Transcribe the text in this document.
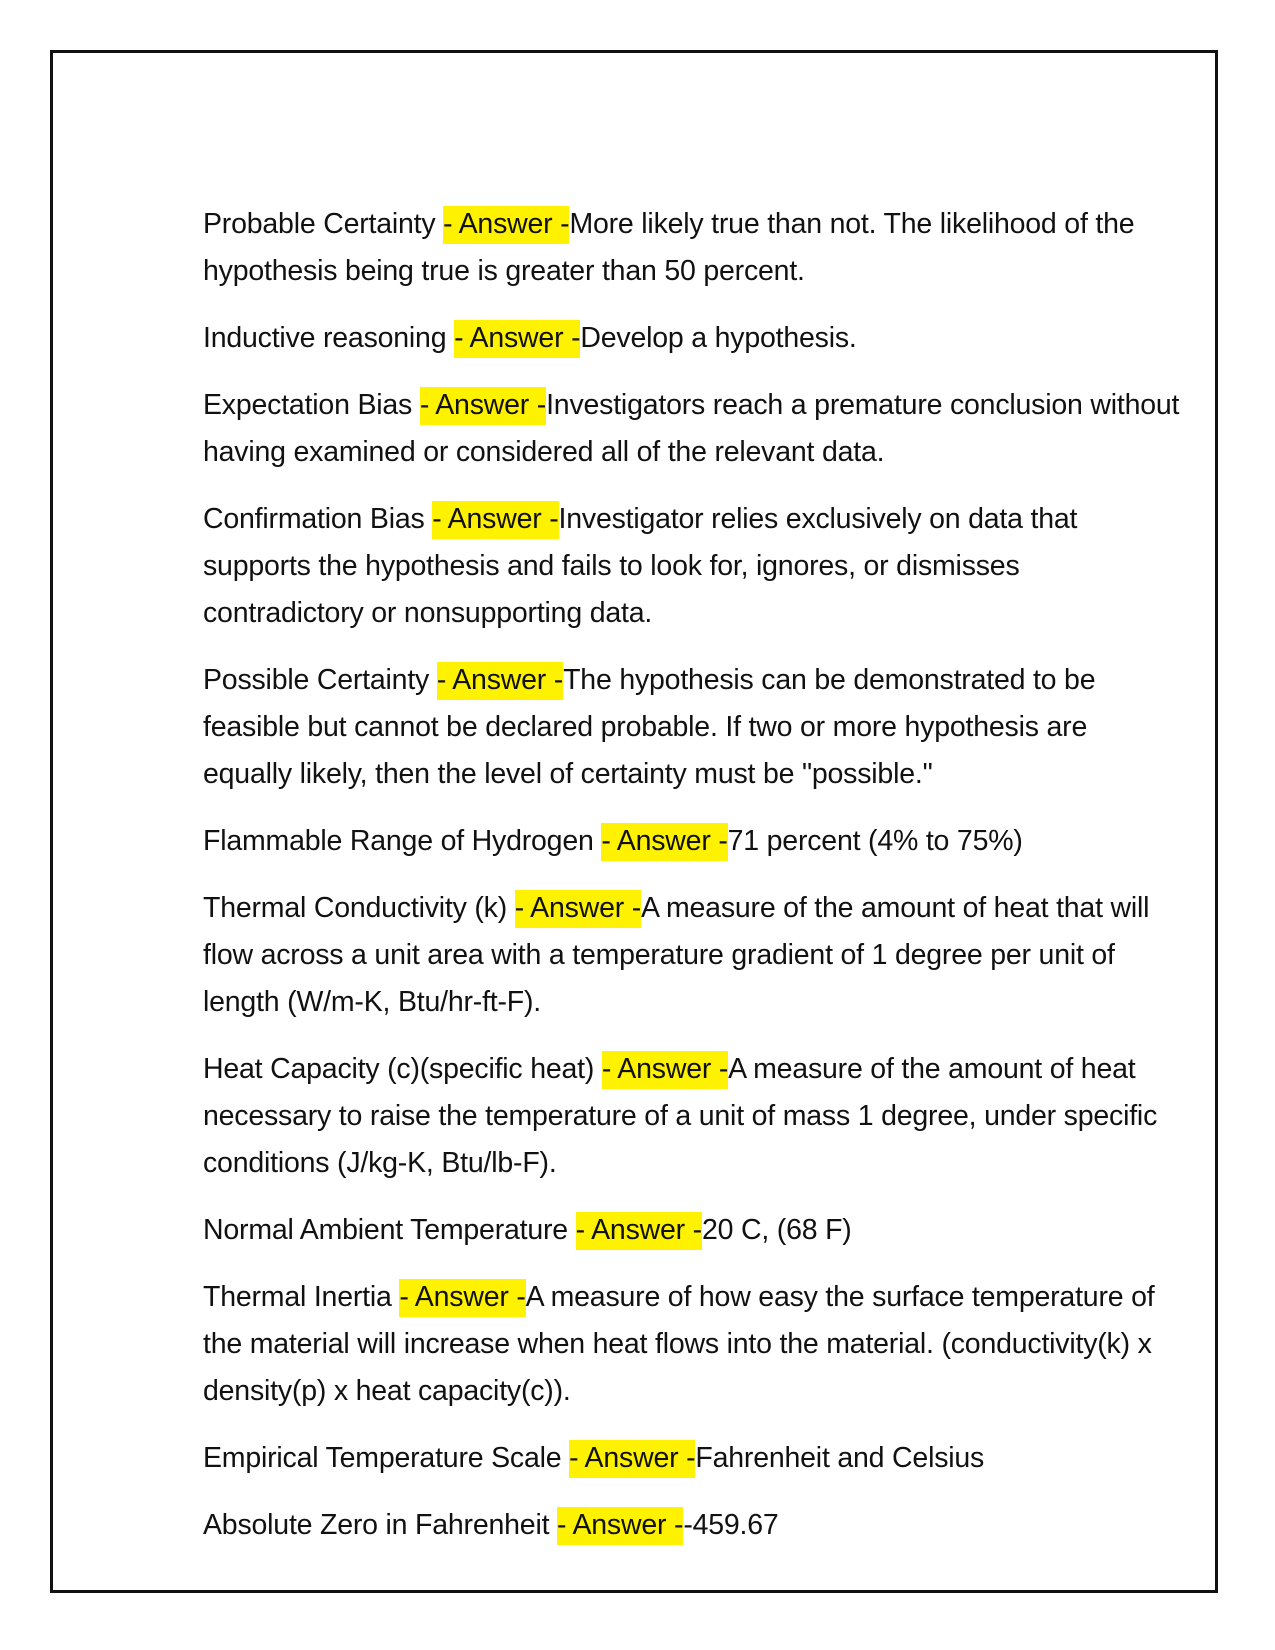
Probable Certainty - Answer -More likely true than not. The likelihood of the hypothesis being true is greater than 50 percent.

Inductive reasoning - Answer -Develop a hypothesis.

Expectation Bias - Answer -Investigators reach a premature conclusion without having examined or considered all of the relevant data.

Confirmation Bias - Answer -Investigator relies exclusively on data that supports the hypothesis and fails to look for, ignores, or dismisses contradictory or nonsupporting data.

Possible Certainty - Answer -The hypothesis can be demonstrated to be feasible but cannot be declared probable. If two or more hypothesis are equally likely, then the level of certainty must be "possible."

Flammable Range of Hydrogen - Answer -71 percent (4% to 75%)

Thermal Conductivity (k) - Answer -A measure of the amount of heat that will flow across a unit area with a temperature gradient of 1 degree per unit of length (W/m-K, Btu/hr-ft-F).

Heat Capacity (c)(specific heat) - Answer -A measure of the amount of heat necessary to raise the temperature of a unit of mass 1 degree, under specific conditions (J/kg-K, Btu/lb-F).

Normal Ambient Temperature - Answer -20 C, (68 F)

Thermal Inertia - Answer -A measure of how easy the surface temperature of the material will increase when heat flows into the material. (conductivity(k) x density(p) x heat capacity(c)).

Empirical Temperature Scale - Answer -Fahrenheit and Celsius

Absolute Zero in Fahrenheit - Answer --459.67
